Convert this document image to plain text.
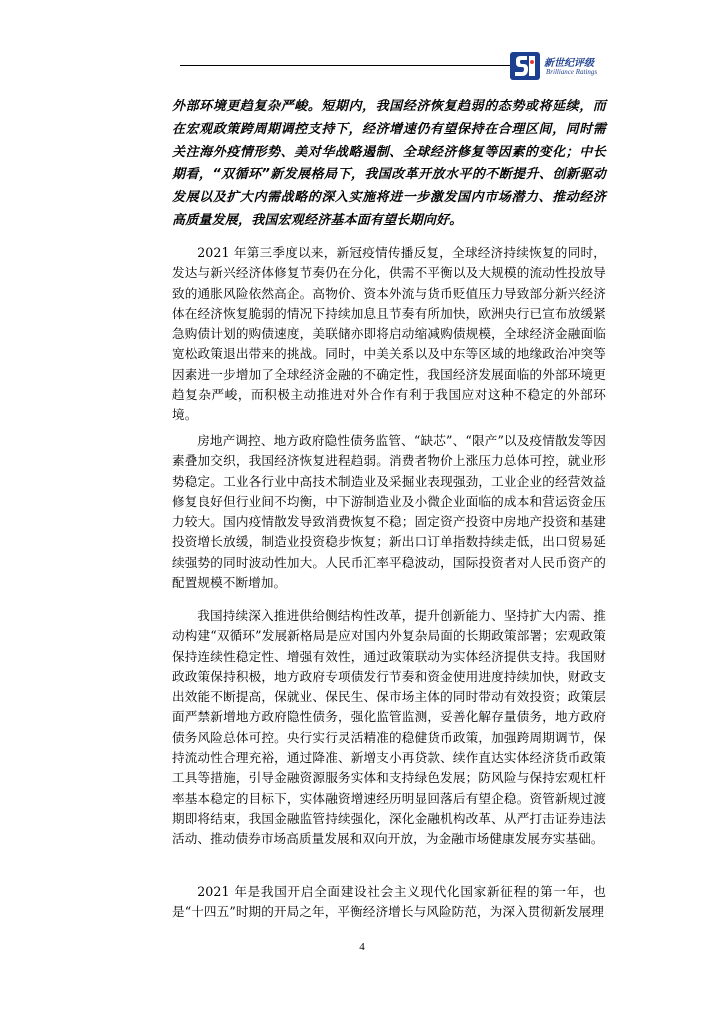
新世纪评级
Brilliance Ratings

外部环境更趋复杂严峻。短期内，我国经济恢复趋弱的态势或将延续，而在宏观政策跨周期调控支持下，经济增速仍有望保持在合理区间，同时需关注海外疫情形势、美对华战略遏制、全球经济修复等因素的变化；中长期看，“双循环”新发展格局下，我国改革开放水平的不断提升、创新驱动发展以及扩大内需战略的深入实施将进一步激发国内市场潜力、推动经济高质量发展，我国宏观经济基本面有望长期向好。

2021 年第三季度以来，新冠疫情传播反复，全球经济持续恢复的同时，发达与新兴经济体修复节奏仍在分化，供需不平衡以及大规模的流动性投放导致的通胀风险依然高企。高物价、资本外流与货币贬值压力导致部分新兴经济体在经济恢复脆弱的情况下持续加息且节奏有所加快，欧洲央行已宣布放缓紧急购债计划的购债速度，美联储亦即将启动缩减购债规模，全球经济金融面临宽松政策退出带来的挑战。同时，中美关系以及中东等区域的地缘政治冲突等因素进一步增加了全球经济金融的不确定性，我国经济发展面临的外部环境更趋复杂严峻，而积极主动推进对外合作有利于我国应对这种不稳定的外部环境。

房地产调控、地方政府隐性债务监管、“缺芯”、“限产”以及疫情散发等因素叠加交织，我国经济恢复进程趋弱。消费者物价上涨压力总体可控，就业形势稳定。工业各行业中高技术制造业及采掘业表现强劲，工业企业的经营效益修复良好但行业间不均衡，中下游制造业及小微企业面临的成本和营运资金压力较大。国内疫情散发导致消费恢复不稳；固定资产投资中房地产投资和基建投资增长放缓，制造业投资稳步恢复；新出口订单指数持续走低，出口贸易延续强势的同时波动性加大。人民币汇率平稳波动，国际投资者对人民币资产的配置规模不断增加。

我国持续深入推进供给侧结构性改革，提升创新能力、坚持扩大内需、推动构建“双循环”发展新格局是应对国内外复杂局面的长期政策部署；宏观政策保持连续性稳定性、增强有效性，通过政策联动为实体经济提供支持。我国财政政策保持积极，地方政府专项债发行节奏和资金使用进度持续加快，财政支出效能不断提高，保就业、保民生、保市场主体的同时带动有效投资；政策层面严禁新增地方政府隐性债务，强化监管监测，妥善化解存量债务，地方政府债务风险总体可控。央行实行灵活精准的稳健货币政策，加强跨周期调节，保持流动性合理充裕，通过降准、新增支小再贷款、续作直达实体经济货币政策工具等措施，引导金融资源服务实体和支持绿色发展；防风险与保持宏观杠杆率基本稳定的目标下，实体融资增速经历明显回落后有望企稳。资管新规过渡期即将结束，我国金融监管持续强化，深化金融机构改革、从严打击证券违法活动、推动债券市场高质量发展和双向开放，为金融市场健康发展夯实基础。

2021 年是我国开启全面建设社会主义现代化国家新征程的第一年，也是“十四五”时期的开局之年，平衡经济增长与风险防范，为深入贯彻新发展理

4
